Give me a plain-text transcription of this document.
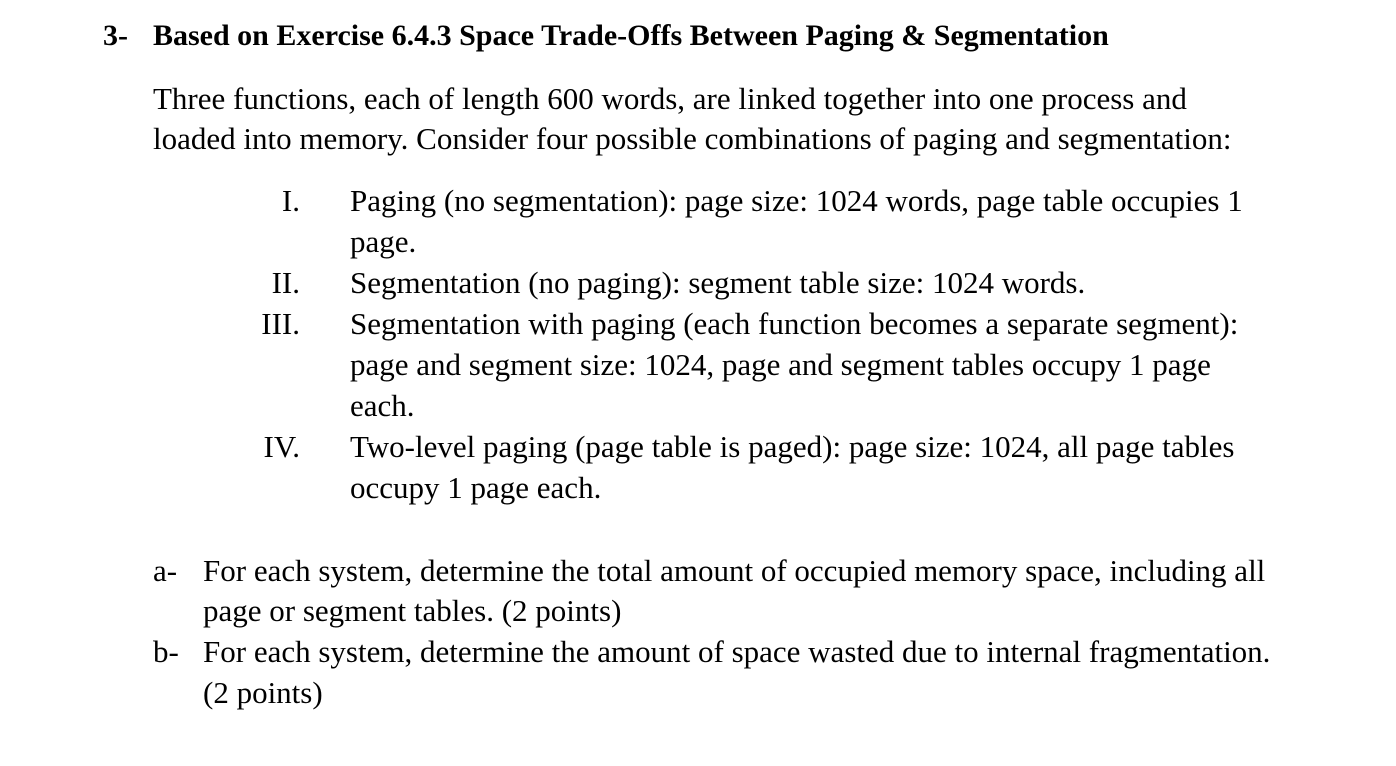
3- Based on Exercise 6.4.3 Space Trade-Offs Between Paging & Segmentation
Three functions, each of length 600 words, are linked together into one process and
loaded into memory. Consider four possible combinations of paging and segmentation:
I. Paging (no segmentation): page size: 1024 words, page table occupies 1
page.
II. Segmentation (no paging): segment table size: 1024 words.
III. Segmentation with paging (each function becomes a separate segment):
page and segment size: 1024, page and segment tables occupy 1 page
each.
IV. Two-level paging (page table is paged): page size: 1024, all page tables
occupy 1 page each.
a- For each system, determine the total amount of occupied memory space, including all
page or segment tables. (2 points)
b- For each system, determine the amount of space wasted due to internal fragmentation.
(2 points)
